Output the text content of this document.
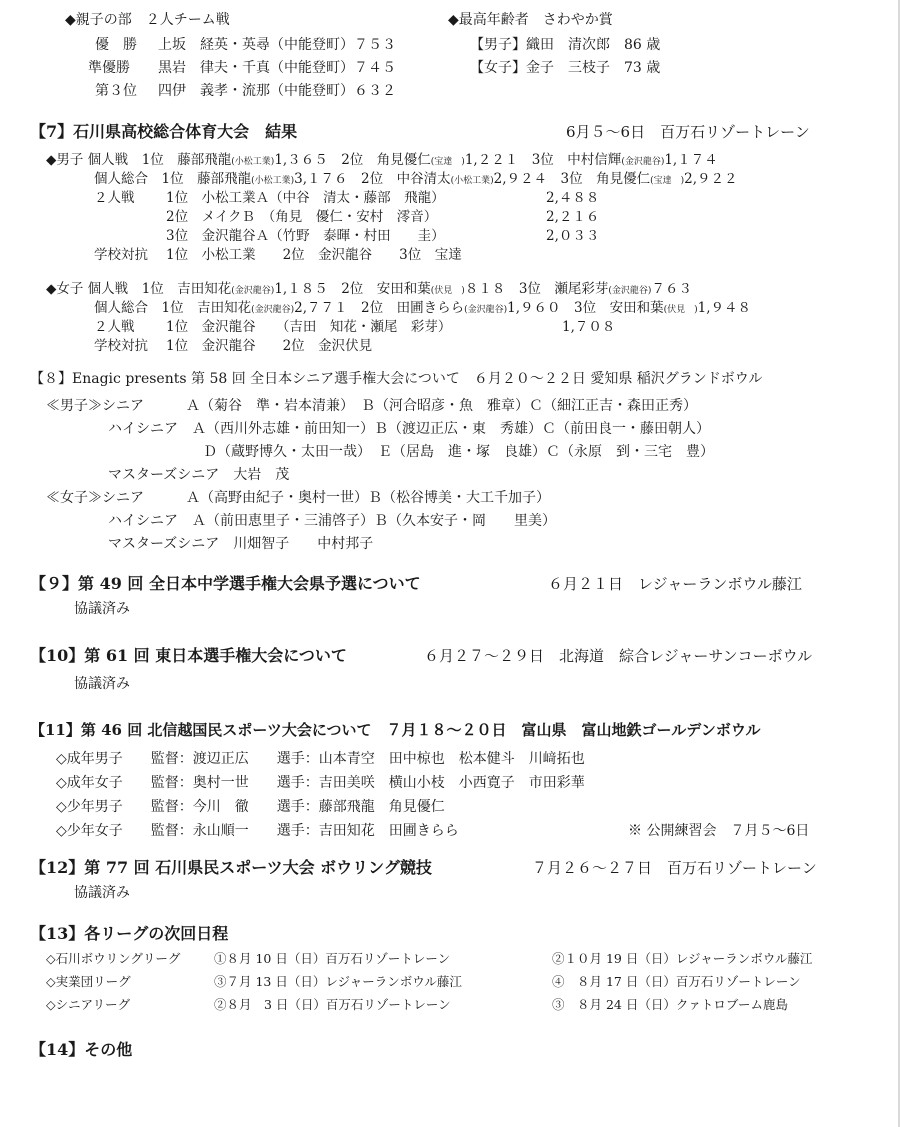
◆親子の部　２人チーム戦
優　勝 上坂　経英・英尋（中能登町）７５３
準優勝 黒岩　律夫・千真（中能登町）７４５
第３位 四伊　義孝・流那（中能登町）６３２
◆最高年齢者　さわやか賞
【男子】織田　清次郎　86 歳
【女子】金子　三枝子　73 歳
【7】石川県高校総合体育大会　結果	6月５～6日　百万石リゾートレーン
◆男子 個人戦　 1位　藤部飛龍(小松工業)1,３６５　2位　角見優仁(宝達　)1,２２１　3位　中村信輝(金沢龍谷)1,１７４
個人総合　 1位　藤部飛龍(小松工業)3,１７６　2位　中谷清太(小松工業)2,９２４　3位　角見優仁(宝達　)2,９２２
２人戦 1位　小松工業Ａ（中谷　清太・藤部　飛龍）	2,４８８
2位　メイクＢ　（角見　優仁・安村　澪音）	2,２１６
3位　金沢龍谷Ａ（竹野　泰暉・村田　　圭）	2,０３３
学校対抗 1位　小松工業　　2位　金沢龍谷　　3位　宝達
◆女子 個人戦　 1位　吉田知花(金沢龍谷)1,１８５　2位　安田和葉(伏見　)８１８　3位　瀬尾彩芽(金沢龍谷)７６３
個人総合　 1位　吉田知花(金沢龍谷)2,７７１　2位　田圃きらら(金沢龍谷)1,９６０　3位　安田和葉(伏見　)1,９４８
２人戦 1位　金沢龍谷　　（吉田　知花・瀬尾　彩芽）	1,７０８
学校対抗 1位　金沢龍谷　　2位　金沢伏見
【８】Enagic presents 第 58 回 全日本シニア選手権大会について　６月２０～２２日 愛知県 稲沢グランドボウル
≪男子≫シニア　　　Ａ（菊谷　準・岩本清兼）　Ｂ（河合昭彦・魚　雅章）Ｃ（細江正吉・森田正秀）
ハイシニア　Ａ（西川外志雄・前田知一）Ｂ（渡辺正広・東　秀雄）Ｃ（前田良一・藤田朝人）
Ｄ（蔵野博久・太田一哉）　Ｅ（居島　進・塚　良雄）Ｃ（永原　到・三宅　豊）
マスターズシニア　大岩　茂
≪女子≫シニア　　　Ａ（高野由紀子・奥村一世）Ｂ（松谷博美・大工千加子）
ハイシニア　Ａ（前田恵里子・三浦啓子）Ｂ（久本安子・岡　　里美）
マスターズシニア　川畑智子　　中村邦子
【９】第 49 回 全日本中学選手権大会県予選について	６月２１日　レジャーランボウル藤江
協議済み
【10】第 61 回 東日本選手権大会について	６月２７～２９日　北海道　綜合レジャーサンコーボウル
協議済み
【11】第 46 回 北信越国民スポーツ大会について　７月１８～２０日　富山県　富山地鉄ゴールデンボウル
◇成年男子　　監督：渡辺正広　　選手：山本青空　田中椋也　松本健斗　川﨑拓也
◇成年女子　　監督：奥村一世　　選手：吉田美咲　横山小枝　小西寛子　市田彩華
◇少年男子　　監督：今川　徹　　選手：藤部飛龍　角見優仁
◇少年女子　　監督：永山順一　　選手：吉田知花　田圃きらら	※ 公開練習会　７月５～6日
【12】第 77 回 石川県民スポーツ大会 ボウリング競技	７月２６～２７日　百万石リゾートレーン
協議済み
【13】各リーグの次回日程
◇石川ボウリングリーグ	①８月 10 日（日）百万石リゾートレーン	②１０月 19 日（日）レジャーランボウル藤江
◇実業団リーグ	③７月 13 日（日）レジャーランボウル藤江	④　８月 17 日（日）百万石リゾートレーン
◇シニアリーグ	②８月　3 日（日）百万石リゾートレーン	③　８月 24 日（日）クァトロブーム鹿島
【14】その他
